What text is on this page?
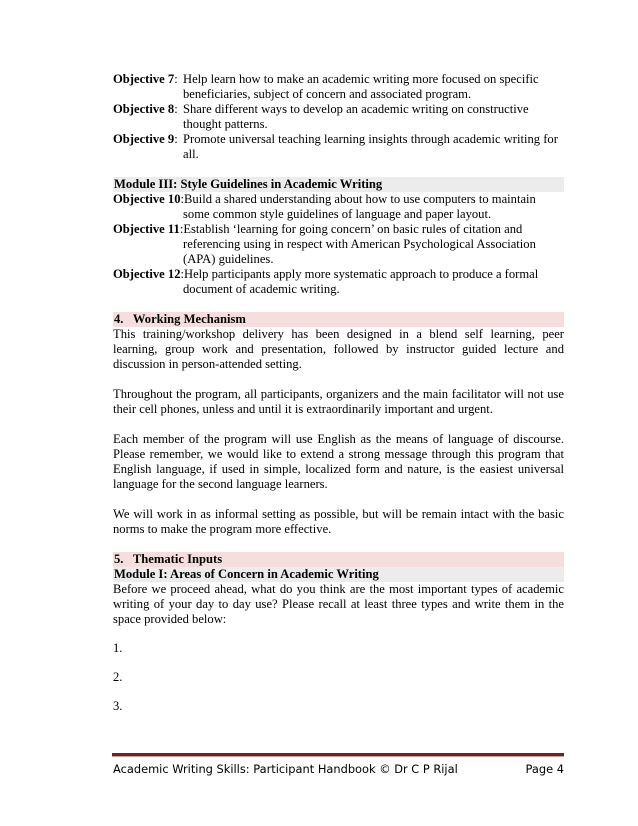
Objective 7: Help learn how to make an academic writing more focused on specific
beneficiaries, subject of concern and associated program.
Objective 8: Share different ways to develop an academic writing on constructive
thought patterns.
Objective 9: Promote universal teaching learning insights through academic writing for
all.
Module III: Style Guidelines in Academic Writing
Objective 10: Build a shared understanding about how to use computers to maintain
some common style guidelines of language and paper layout.
Objective 11: Establish ‘learning for going concern’ on basic rules of citation and
referencing using in respect with American Psychological Association (APA) guidelines.
Objective 12: Help participants apply more systematic approach to produce a formal
document of academic writing.
4.   Working Mechanism

This training/workshop delivery has been designed in a blend self learning, peer learning, group work and presentation, followed by instructor guided lecture and discussion in person-attended setting.

Throughout the program, all participants, organizers and the main facilitator will not use their cell phones, unless and until it is extraordinarily important and urgent.

Each member of the program will use English as the means of language of discourse. Please remember, we would like to extend a strong message through this program that English language, if used in simple, localized form and nature, is the easiest universal language for the second language learners.

We will work in as informal setting as possible, but will be remain intact with the basic norms to make the program more effective.

5.   Thematic Inputs
Module I: Areas of Concern in Academic Writing

Before we proceed ahead, what do you think are the most important types of academic writing of your day to day use? Please recall at least three types and write them in the space provided below:

1.

2.

3.

Academic Writing Skills: Participant Handbook © Dr C P Rijal	Page 4
